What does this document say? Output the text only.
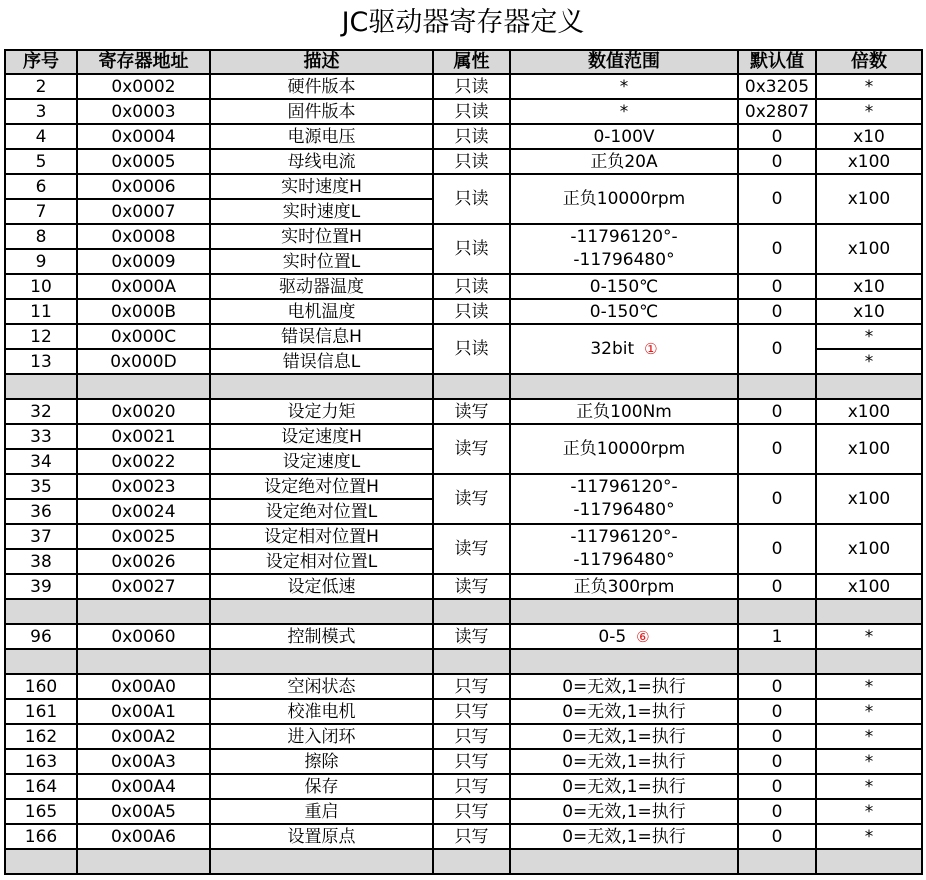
JC驱动器寄存器定义
序号	寄存器地址	描述	属性	数值范围	默认值	倍数
2	0x0002	硬件版本	只读	*	0x3205	*
3	0x0003	固件版本	只读	*	0x2807	*
4	0x0004	电源电压	只读	0-100V	0	x10
5	0x0005	母线电流	只读	正负20A	0	x100
6	0x0006	实时速度H	只读	正负10000rpm	0	x100
7	0x0007	实时速度L				
8	0x0008	实时位置H	只读	-11796120°--11796480°	0	x100
9	0x0009	实时位置L				
10	0x000A	驱动器温度	只读	0-150℃	0	x10
11	0x000B	电机温度	只读	0-150℃	0	x10
12	0x000C	错误信息H	只读	32bit ①	0	*
13	0x000D	错误信息L				*

32	0x0020	设定力矩	读写	正负100Nm	0	x100
33	0x0021	设定速度H	读写	正负10000rpm	0	x100
34	0x0022	设定速度L				
35	0x0023	设定绝对位置H	读写	-11796120°--11796480°	0	x100
36	0x0024	设定绝对位置L				
37	0x0025	设定相对位置H	读写	-11796120°--11796480°	0	x100
38	0x0026	设定相对位置L				
39	0x0027	设定低速	读写	正负300rpm	0	x100

96	0x0060	控制模式	读写	0-5 ⑥	1	*

160	0x00A0	空闲状态	只写	0=无效,1=执行	0	*
161	0x00A1	校准电机	只写	0=无效,1=执行	0	*
162	0x00A2	进入闭环	只写	0=无效,1=执行	0	*
163	0x00A3	擦除	只写	0=无效,1=执行	0	*
164	0x00A4	保存	只写	0=无效,1=执行	0	*
165	0x00A5	重启	只写	0=无效,1=执行	0	*
166	0x00A6	设置原点	只写	0=无效,1=执行	0	*
